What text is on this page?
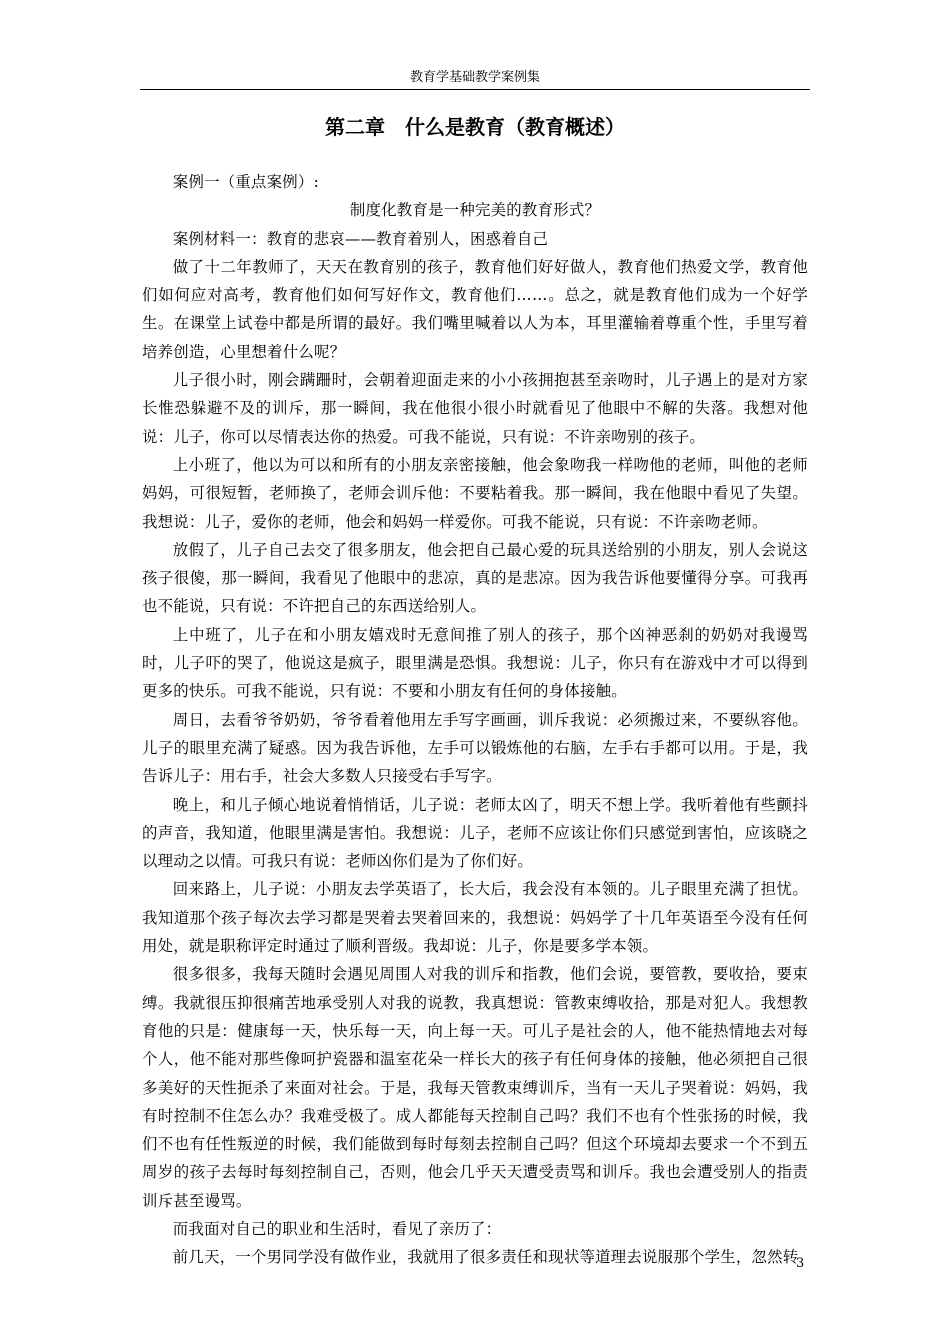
教育学基础教学案例集
第二章　什么是教育（教育概述）

案例一（重点案例）:

制度化教育是一种完美的教育形式？

案例材料一：教育的悲哀——教育着别人，困惑着自己

做了十二年教师了，天天在教育别的孩子，教育他们好好做人，教育他们热爱文学，教育他们如何应对高考，教育他们如何写好作文，教育他们……。总之，就是教育他们成为一个好学生。在课堂上试卷中都是所谓的最好。我们嘴里喊着以人为本，耳里灌输着尊重个性，手里写着培养创造，心里想着什么呢？

儿子很小时，刚会蹒跚时，会朝着迎面走来的小小孩拥抱甚至亲吻时，儿子遇上的是对方家长惟恐躲避不及的训斥，那一瞬间，我在他很小很小时就看见了他眼中不解的失落。我想对他说：儿子，你可以尽情表达你的热爱。可我不能说，只有说：不许亲吻别的孩子。

上小班了，他以为可以和所有的小朋友亲密接触，他会象吻我一样吻他的老师，叫他的老师妈妈，可很短暂，老师换了，老师会训斥他：不要粘着我。那一瞬间，我在他眼中看见了失望。我想说：儿子，爱你的老师，他会和妈妈一样爱你。可我不能说，只有说：不许亲吻老师。

放假了，儿子自己去交了很多朋友，他会把自己最心爱的玩具送给别的小朋友，别人会说这孩子很傻，那一瞬间，我看见了他眼中的悲凉，真的是悲凉。因为我告诉他要懂得分享。可我再也不能说，只有说：不许把自己的东西送给别人。

上中班了，儿子在和小朋友嬉戏时无意间推了别人的孩子，那个凶神恶刹的奶奶对我谩骂时，儿子吓的哭了，他说这是疯子，眼里满是恐惧。我想说：儿子，你只有在游戏中才可以得到更多的快乐。可我不能说，只有说：不要和小朋友有任何的身体接触。

周日，去看爷爷奶奶，爷爷看着他用左手写字画画，训斥我说：必须搬过来，不要纵容他。儿子的眼里充满了疑惑。因为我告诉他，左手可以锻炼他的右脑，左手右手都可以用。于是，我告诉儿子：用右手，社会大多数人只接受右手写字。

晚上，和儿子倾心地说着悄悄话，儿子说：老师太凶了，明天不想上学。我听着他有些颤抖的声音，我知道，他眼里满是害怕。我想说：儿子，老师不应该让你们只感觉到害怕，应该晓之以理动之以情。可我只有说：老师凶你们是为了你们好。

回来路上，儿子说：小朋友去学英语了，长大后，我会没有本领的。儿子眼里充满了担忧。我知道那个孩子每次去学习都是哭着去哭着回来的，我想说：妈妈学了十几年英语至今没有任何用处，就是职称评定时通过了顺利晋级。我却说：儿子，你是要多学本领。

很多很多，我每天随时会遇见周围人对我的训斥和指教，他们会说，要管教，要收拾，要束缚。我就很压抑很痛苦地承受别人对我的说教，我真想说：管教束缚收拾，那是对犯人。我想教育他的只是：健康每一天，快乐每一天，向上每一天。可儿子是社会的人，他不能热情地去对每个人，他不能对那些像呵护瓷器和温室花朵一样长大的孩子有任何身体的接触，他必须把自己很多美好的天性扼杀了来面对社会。于是，我每天管教束缚训斥，当有一天儿子哭着说：妈妈，我有时控制不住怎么办？我难受极了。成人都能每天控制自己吗？我们不也有个性张扬的时候，我们不也有任性叛逆的时候，我们能做到每时每刻去控制自己吗？但这个环境却去要求一个不到五周岁的孩子去每时每刻控制自己，否则，他会几乎天天遭受责骂和训斥。我也会遭受别人的指责训斥甚至谩骂。

而我面对自己的职业和生活时，看见了亲历了：

前几天，一个男同学没有做作业，我就用了很多责任和现状等道理去说服那个学生，忽然转

3
